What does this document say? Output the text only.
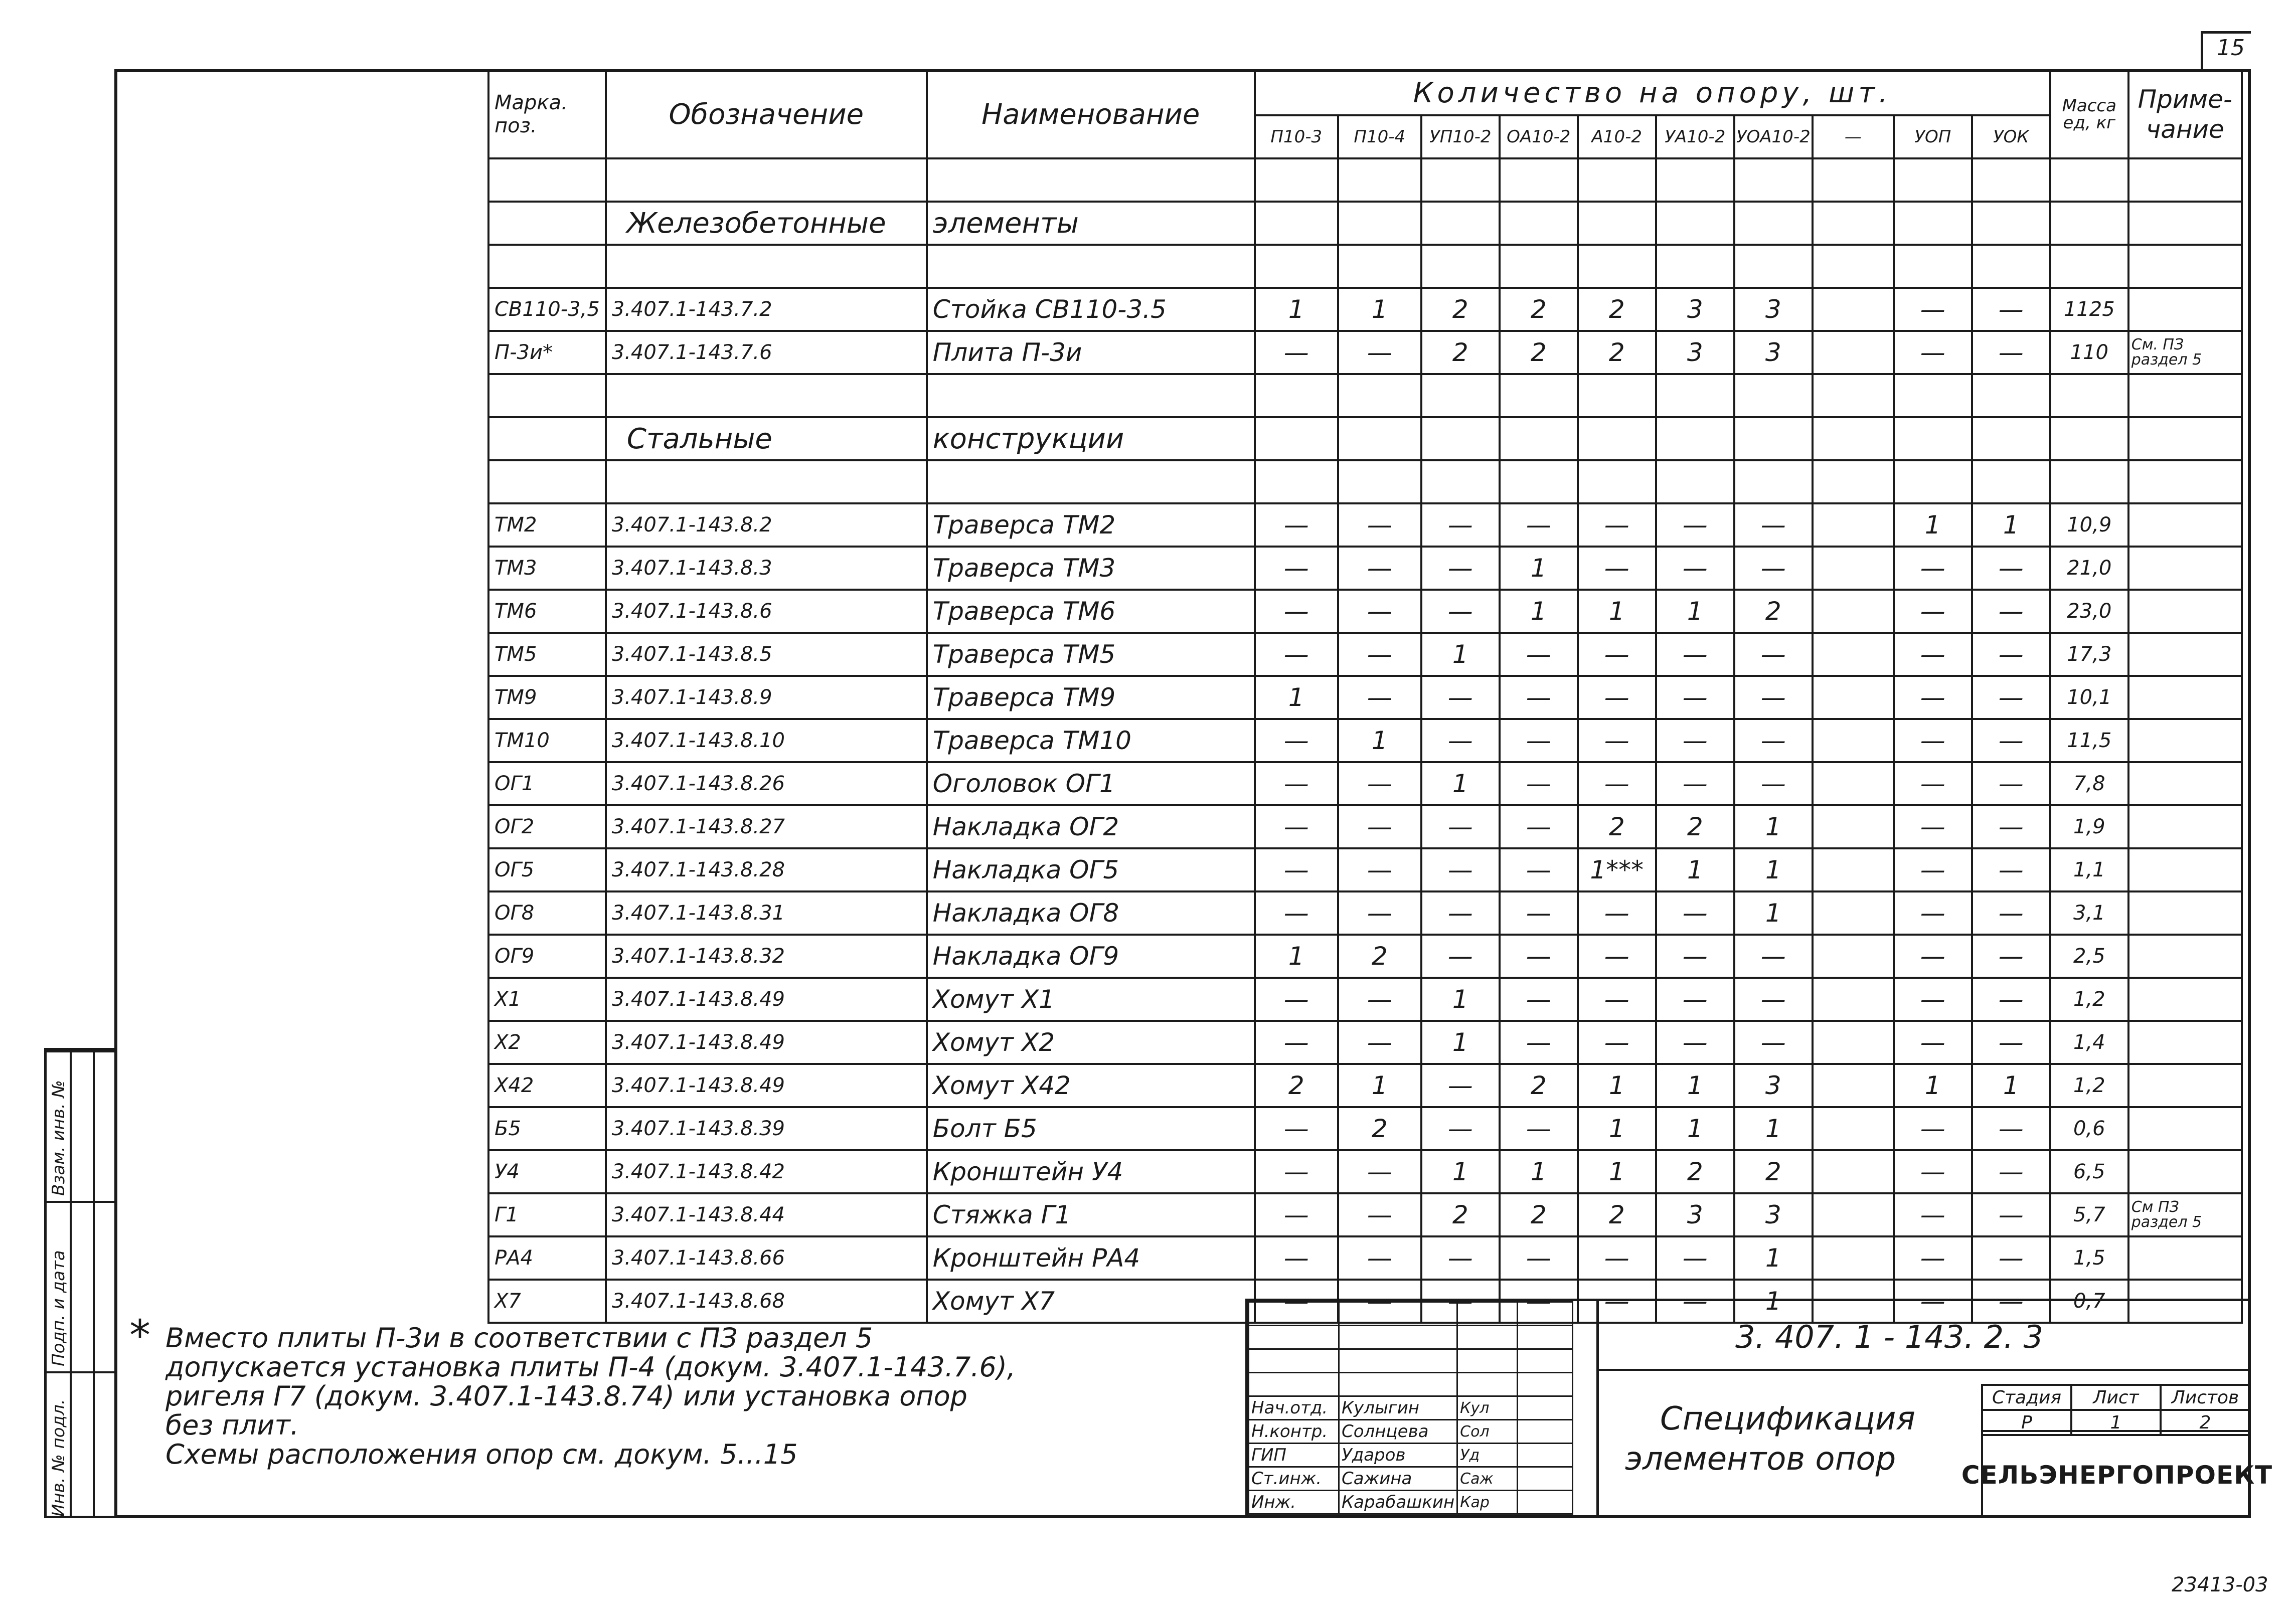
15
Инв. № подл.
Подп. и дата
Взам. инв. №
Марка. поз.	Обозначение	Наименование	Количество на опору, шт.										Масса ед, кг	Приме- чание
			П10-3	П10-4	УП10-2	ОА10-2	А10-2	УА10-2	УОА10-2	—	УОП	УОК		

	Железобетонные	элементы												

СВ110-3,5	3.407.1-143.7.2	Стойка СВ110-3.5	1	1	2	2	2	3	3		—	—	1125	
П-3и*	3.407.1-143.7.6	Плита П-3и	—	—	2	2	2	3	3		—	—	110	См. ПЗ раздел 5

	Стальные	конструкции												

ТМ2	3.407.1-143.8.2	Траверса ТМ2	—	—	—	—	—	—	—		1	1	10,9	
ТМ3	3.407.1-143.8.3	Траверса ТМ3	—	—	—	1	—	—	—		—	—	21,0	
ТМ6	3.407.1-143.8.6	Траверса ТМ6	—	—	—	1	1	1	2		—	—	23,0	
ТМ5	3.407.1-143.8.5	Траверса ТМ5	—	—	1	—	—	—	—		—	—	17,3	
ТМ9	3.407.1-143.8.9	Траверса ТМ9	1	—	—	—	—	—	—		—	—	10,1	
ТМ10	3.407.1-143.8.10	Траверса ТМ10	—	1	—	—	—	—	—		—	—	11,5	
ОГ1	3.407.1-143.8.26	Оголовок ОГ1	—	—	1	—	—	—	—		—	—	7,8	
ОГ2	3.407.1-143.8.27	Накладка ОГ2	—	—	—	—	2	2	1		—	—	1,9	
ОГ5	3.407.1-143.8.28	Накладка ОГ5	—	—	—	—	1***	1	1		—	—	1,1	
ОГ8	3.407.1-143.8.31	Накладка ОГ8	—	—	—	—	—	—	1		—	—	3,1	
ОГ9	3.407.1-143.8.32	Накладка ОГ9	1	2	—	—	—	—	—		—	—	2,5	
Х1	3.407.1-143.8.49	Хомут Х1	—	—	1	—	—	—	—		—	—	1,2	
Х2	3.407.1-143.8.49	Хомут Х2	—	—	1	—	—	—	—		—	—	1,4	
Х42	3.407.1-143.8.49	Хомут Х42	2	1	—	2	1	1	3		1	1	1,2	
Б5	3.407.1-143.8.39	Болт Б5	—	2	—	—	1	1	1		—	—	0,6	
У4	3.407.1-143.8.42	Кронштейн У4	—	—	1	1	1	2	2		—	—	6,5	
Г1	3.407.1-143.8.44	Стяжка Г1	—	—	2	2	2	3	3		—	—	5,7	См ПЗ раздел 5
РА4	3.407.1-143.8.66	Кронштейн РА4	—	—	—	—	—	—	1		—	—	1,5	
Х7	3.407.1-143.8.68	Хомут Х7	—	—	—	—	—	—	1		—	—	0,7	
* Вместо плиты П-3и в соответствии с ПЗ раздел 5
допускается установка плиты П-4 (докум. 3.407.1-143.7.6),
ригеля Г7 (докум. 3.407.1-143.8.74) или установка опор
без плит.
Схемы расположения опор см. докум. 5...15

Нач.отд.	Кулыгин	Кул	
Н.контр.	Солнцева	Сол	
ГИП	Ударов	Уд	
Ст.инж.	Сажина	Саж	
Инж.	Карабашкин	Кар	
3. 407. 1 - 143. 2. 3
Спецификация
элементов опор
Стадия	Лист	Листов
Р	1	2
СЕЛЬЭНЕРГОПРОЕКТ
23413-03
